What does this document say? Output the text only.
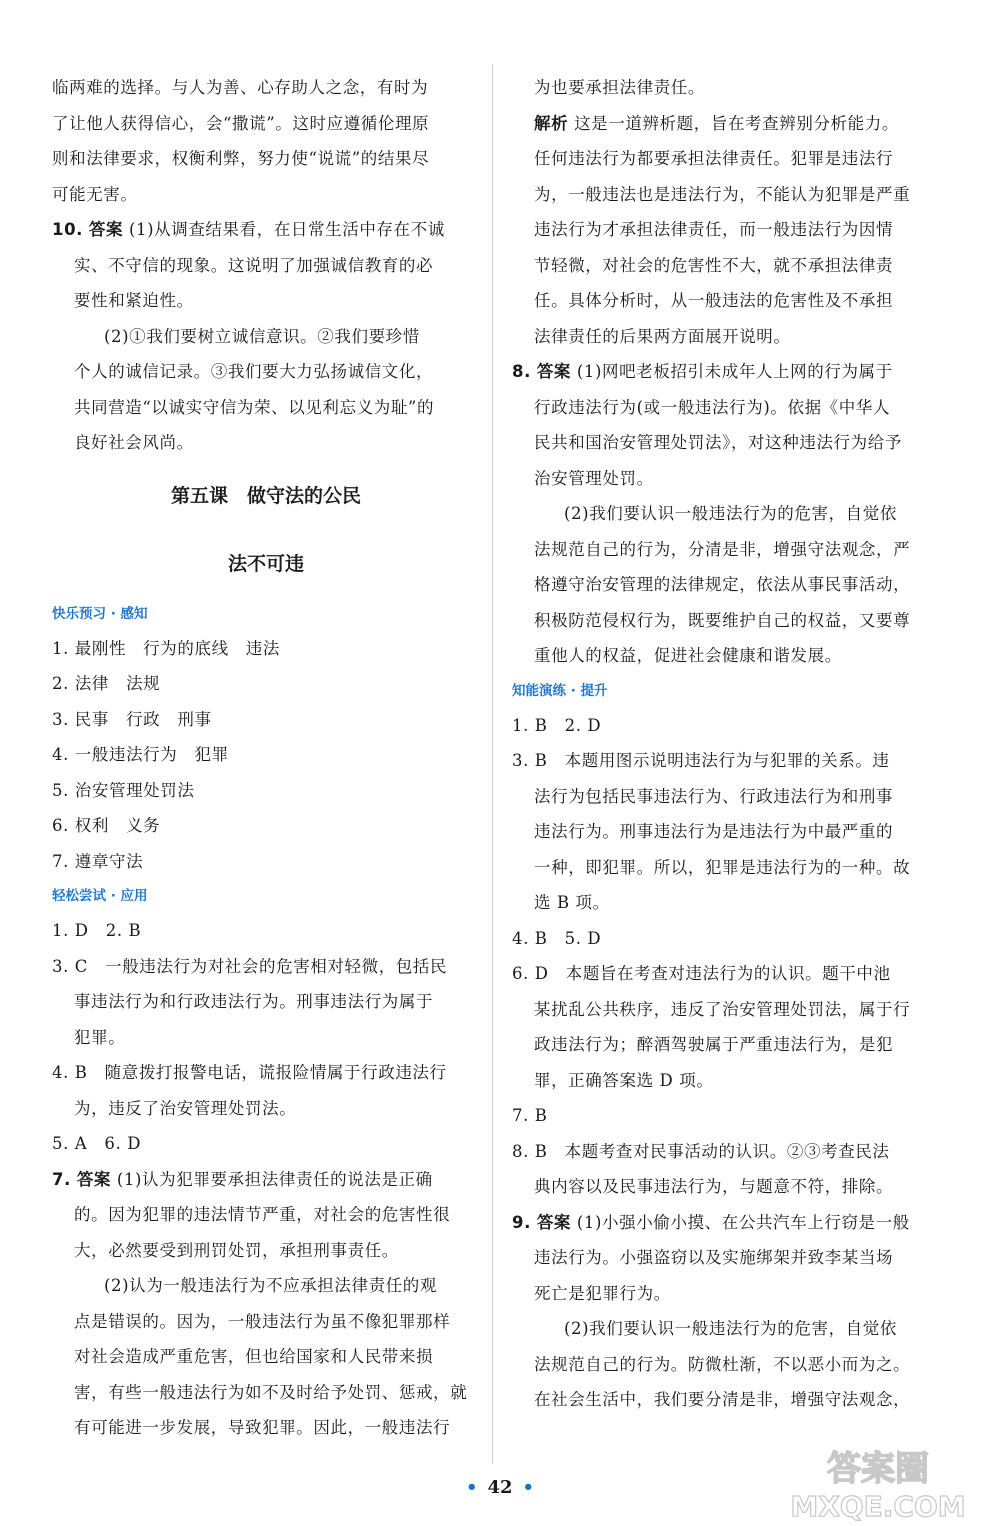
临两难的选择。与人为善、心存助人之念，有时为
了让他人获得信心，会“撒谎”。这时应遵循伦理原
则和法律要求，权衡利弊，努力使“说谎”的结果尽
可能无害。
10. 答案 (1)从调查结果看，在日常生活中存在不诚
实、不守信的现象。这说明了加强诚信教育的必
要性和紧迫性。
(2)①我们要树立诚信意识。②我们要珍惜
个人的诚信记录。③我们要大力弘扬诚信文化，
共同营造“以诚实守信为荣、以见利忘义为耻”的
良好社会风尚。
第五课　做守法的公民
法不可违
快乐预习 · 感知
1. 最刚性　行为的底线　违法
2. 法律　法规
3. 民事　行政　刑事
4. 一般违法行为　犯罪
5. 治安管理处罚法
6. 权利　义务
7. 遵章守法
轻松尝试 · 应用
1. D　2. B
3. C　一般违法行为对社会的危害相对轻微，包括民
事违法行为和行政违法行为。刑事违法行为属于
犯罪。
4. B　随意拨打报警电话，谎报险情属于行政违法行
为，违反了治安管理处罚法。
5. A　6. D
7. 答案 (1)认为犯罪要承担法律责任的说法是正确
的。因为犯罪的违法情节严重，对社会的危害性很
大，必然要受到刑罚处罚，承担刑事责任。
(2)认为一般违法行为不应承担法律责任的观
点是错误的。因为，一般违法行为虽不像犯罪那样
对社会造成严重危害，但也给国家和人民带来损
害，有些一般违法行为如不及时给予处罚、惩戒，就
有可能进一步发展，导致犯罪。因此，一般违法行
为也要承担法律责任。
解析 这是一道辨析题，旨在考查辨别分析能力。
任何违法行为都要承担法律责任。犯罪是违法行
为，一般违法也是违法行为，不能认为犯罪是严重
违法行为才承担法律责任，而一般违法行为因情
节轻微，对社会的危害性不大，就不承担法律责
任。具体分析时，从一般违法的危害性及不承担
法律责任的后果两方面展开说明。
8. 答案 (1)网吧老板招引未成年人上网的行为属于
行政违法行为(或一般违法行为)。依据《中华人
民共和国治安管理处罚法》，对这种违法行为给予
治安管理处罚。
(2)我们要认识一般违法行为的危害，自觉依
法规范自己的行为，分清是非，增强守法观念，严
格遵守治安管理的法律规定，依法从事民事活动，
积极防范侵权行为，既要维护自己的权益，又要尊
重他人的权益，促进社会健康和谐发展。
知能演练 · 提升
1. B　2. D
3. B　本题用图示说明违法行为与犯罪的关系。违
法行为包括民事违法行为、行政违法行为和刑事
违法行为。刑事违法行为是违法行为中最严重的
一种，即犯罪。所以，犯罪是违法行为的一种。故
选 B 项。
4. B　5. D
6. D　本题旨在考查对违法行为的认识。题干中池
某扰乱公共秩序，违反了治安管理处罚法，属于行
政违法行为；醉酒驾驶属于严重违法行为，是犯
罪，正确答案选 D 项。
7. B
8. B　本题考查对民事活动的认识。②③考查民法
典内容以及民事违法行为，与题意不符，排除。
9. 答案 (1)小强小偷小摸、在公共汽车上行窃是一般
违法行为。小强盗窃以及实施绑架并致李某当场
死亡是犯罪行为。
(2)我们要认识一般违法行为的危害，自觉依
法规范自己的行为。防微杜渐，不以恶小而为之。
在社会生活中，我们要分清是非，增强守法观念，
• 42 •	答案圈
MXQE.COM
